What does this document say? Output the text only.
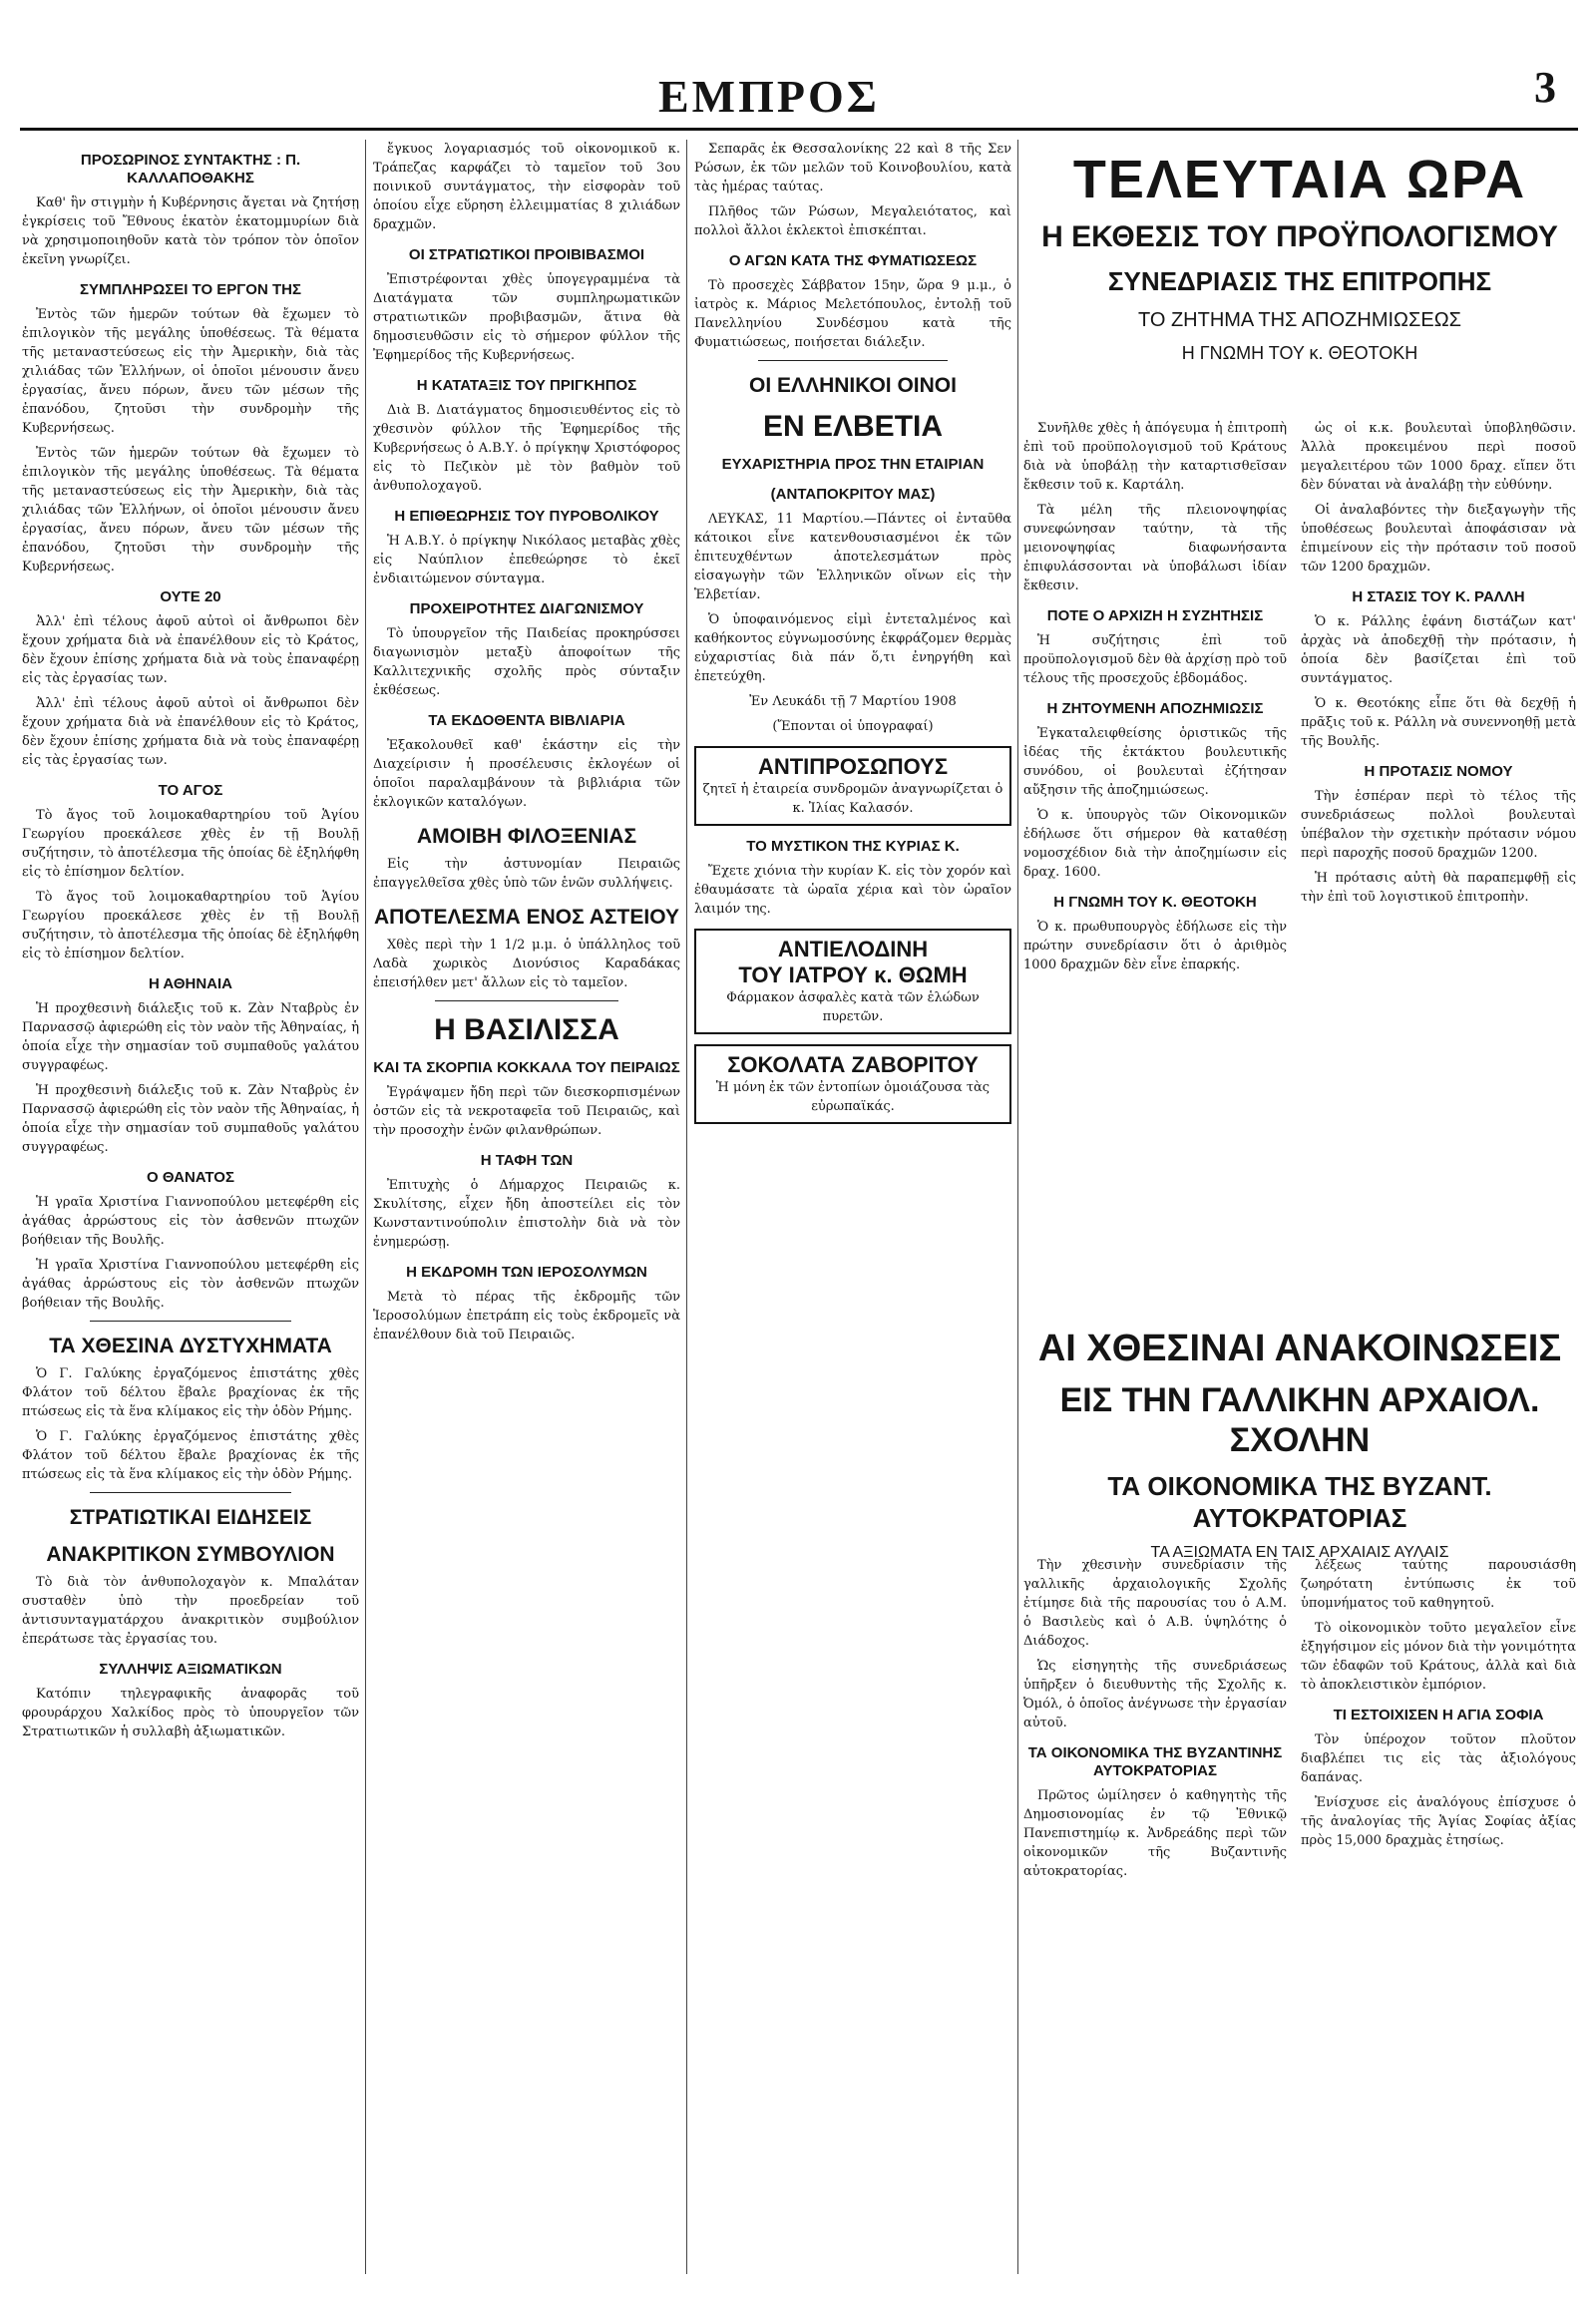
ΕΜΠΡΟΣ	3
ΠΡΟΣΩΡΙΝΟΣ ΣΥΝΤΑΚΤΗΣ : Π. ΚΑΛΛΑΠΟΘΑΚΗΣ

Καθ' ἣν στιγμὴν ἡ Κυβέρνησις ἄγεται νὰ ζητήσῃ ἐγκρίσεις τοῦ Ἔθνους ἑκατὸν ἑκατομμυρίων διὰ νὰ χρησιμοποιηθοῦν κατὰ τὸν τρόπον τὸν ὁποῖον ἐκεῖνη γνωρίζει.

ΣΥΜΠΛΗΡΩΣΕΙ ΤΟ ΕΡΓΟΝ ΤΗΣ

Ἐντὸς τῶν ἡμερῶν τούτων θὰ ἔχωμεν τὸ ἐπιλογικὸν τῆς μεγάλης ὑποθέσεως. Τὰ θέματα τῆς μεταναστεύσεως εἰς τὴν Ἀμερικὴν, διὰ τὰς χιλιάδας τῶν Ἑλλήνων, οἱ ὁποῖοι μένουσιν ἄνευ ἐργασίας, ἄνευ πόρων, ἄνευ τῶν μέσων τῆς ἐπανόδου, ζητοῦσι τὴν συνδρομὴν τῆς Κυβερνήσεως.

Ἐντὸς τῶν ἡμερῶν τούτων θὰ ἔχωμεν τὸ ἐπιλογικὸν τῆς μεγάλης ὑποθέσεως. Τὰ θέματα τῆς μεταναστεύσεως εἰς τὴν Ἀμερικὴν, διὰ τὰς χιλιάδας τῶν Ἑλλήνων, οἱ ὁποῖοι μένουσιν ἄνευ ἐργασίας, ἄνευ πόρων, ἄνευ τῶν μέσων τῆς ἐπανόδου, ζητοῦσι τὴν συνδρομὴν τῆς Κυβερνήσεως.

ΟΥΤΕ 20

Ἀλλ' ἐπὶ τέλους ἀφοῦ αὐτοὶ οἱ ἄνθρωποι δὲν ἔχουν χρήματα διὰ νὰ ἐπανέλθουν εἰς τὸ Κράτος, δὲν ἔχουν ἐπίσης χρήματα διὰ νὰ τοὺς ἐπαναφέρῃ εἰς τὰς ἐργασίας των.

Ἀλλ' ἐπὶ τέλους ἀφοῦ αὐτοὶ οἱ ἄνθρωποι δὲν ἔχουν χρήματα διὰ νὰ ἐπανέλθουν εἰς τὸ Κράτος, δὲν ἔχουν ἐπίσης χρήματα διὰ νὰ τοὺς ἐπαναφέρῃ εἰς τὰς ἐργασίας των.

ΤΟ ΑΓΟΣ

Τὸ ἄγος τοῦ λοιμοκαθαρτηρίου τοῦ Ἁγίου Γεωργίου προεκάλεσε χθὲς ἐν τῇ Βουλῇ συζήτησιν, τὸ ἀποτέλεσμα τῆς ὁποίας δὲ ἐξηλήφθη εἰς τὸ ἐπίσημον δελτίον.

Τὸ ἄγος τοῦ λοιμοκαθαρτηρίου τοῦ Ἁγίου Γεωργίου προεκάλεσε χθὲς ἐν τῇ Βουλῇ συζήτησιν, τὸ ἀποτέλεσμα τῆς ὁποίας δὲ ἐξηλήφθη εἰς τὸ ἐπίσημον δελτίον.

Η ΑΘΗΝΑΙΑ

Ἡ προχθεσινὴ διάλεξις τοῦ κ. Ζὰν Νταβρὺς ἐν Παρνασσῷ ἀφιερώθη εἰς τὸν ναὸν τῆς Ἀθηναίας, ἡ ὁποία εἶχε τὴν σημασίαν τοῦ συμπαθοῦς γαλάτου συγγραφέως.

Ἡ προχθεσινὴ διάλεξις τοῦ κ. Ζὰν Νταβρὺς ἐν Παρνασσῷ ἀφιερώθη εἰς τὸν ναὸν τῆς Ἀθηναίας, ἡ ὁποία εἶχε τὴν σημασίαν τοῦ συμπαθοῦς γαλάτου συγγραφέως.

Ο ΘΑΝΑΤΟΣ

Ἡ γραῖα Χριστίνα Γιαννοπούλου μετεφέρθη εἰς ἀγάθας ἀρρώστους εἰς τὸν ἀσθενῶν πτωχῶν βοήθειαν τῆς Βουλῆς.

Ἡ γραῖα Χριστίνα Γιαννοπούλου μετεφέρθη εἰς ἀγάθας ἀρρώστους εἰς τὸν ἀσθενῶν πτωχῶν βοήθειαν τῆς Βουλῆς.

ΤΑ ΧΘΕΣΙΝΑ ΔΥΣΤΥΧΗΜΑΤΑ

Ὁ Γ. Γαλύκης ἐργαζόμενος ἐπιστάτης χθὲς Φλάτον τοῦ δέλτου ἔβαλε βραχίονας ἐκ τῆς πτώσεως εἰς τὰ ἕνα κλίμακος εἰς τὴν ὁδὸν Ρήμης.

Ὁ Γ. Γαλύκης ἐργαζόμενος ἐπιστάτης χθὲς Φλάτον τοῦ δέλτου ἔβαλε βραχίονας ἐκ τῆς πτώσεως εἰς τὰ ἕνα κλίμακος εἰς τὴν ὁδὸν Ρήμης.

ΣΤΡΑΤΙΩΤΙΚΑΙ ΕΙΔΗΣΕΙΣ
ΑΝΑΚΡΙΤΙΚΟΝ ΣΥΜΒΟΥΛΙΟΝ

Τὸ διὰ τὸν ἀνθυπολοχαγὸν κ. Μπαλάταν συσταθὲν ὑπὸ τὴν προεδρείαν τοῦ ἀντισυνταγματάρχου ἀνακριτικὸν συμβούλιον ἐπεράτωσε τὰς ἐργασίας του.

ΣΥΛΛΗΨΙΣ ΑΞΙΩΜΑΤΙΚΩΝ

Κατόπιν τηλεγραφικῆς ἀναφορᾶς τοῦ φρουράρχου Χαλκίδος πρὸς τὸ ὑπουργεῖον τῶν Στρατιωτικῶν ἡ συλλαβὴ ἀξιωματικῶν.

ἔγκυος λογαριασμός τοῦ οἰκονομικοῦ κ. Τράπεζας καρφάζει τὸ ταμεῖον τοῦ 3ου ποινικοῦ συντάγματος, τὴν εἰσφορὰν τοῦ ὁποίου εἶχε εὕρηση ἐλλειμματίας 8 χιλιάδων δραχμῶν.

ΟΙ ΣΤΡΑΤΙΩΤΙΚΟΙ ΠΡΟΙΒΙΒΑΣΜΟΙ

Ἐπιστρέφονται χθὲς ὑπογεγραμμένα τὰ Διατάγματα τῶν συμπληρωματικῶν στρατιωτικῶν προβιβασμῶν, ἅτινα θὰ δημοσιευθῶσιν εἰς τὸ σήμερον φύλλον τῆς Ἐφημερίδος τῆς Κυβερνήσεως.

Η ΚΑΤΑΤΑΞΙΣ ΤΟΥ ΠΡΙΓΚΗΠΟΣ

Διὰ Β. Διατάγματος δημοσιευθέντος εἰς τὸ χθεσινὸν φύλλον τῆς Ἐφημερίδος τῆς Κυβερνήσεως ὁ Α.Β.Υ. ὁ πρίγκηψ Χριστόφορος εἰς τὸ Πεζικὸν μὲ τὸν βαθμὸν τοῦ ἀνθυπολοχαγοῦ.

Η ΕΠΙΘΕΩΡΗΣΙΣ ΤΟΥ ΠΥΡΟΒΟΛΙΚΟΥ

Ἡ Α.Β.Υ. ὁ πρίγκηψ Νικόλαος μεταβὰς χθὲς εἰς Ναύπλιον ἐπεθεώρησε τὸ ἐκεῖ ἐνδιαιτώμενον σύνταγμα.

ΠΡΟΧΕΙΡΟΤΗΤΕΣ ΔΙΑΓΩΝΙΣΜΟΥ

Τὸ ὑπουργεῖον τῆς Παιδείας προκηρύσσει διαγωνισμὸν μεταξὺ ἀποφοίτων τῆς Καλλιτεχνικῆς σχολῆς πρὸς σύνταξιν ἐκθέσεως.

ΤΑ ΕΚΔΟΘΕΝΤΑ ΒΙΒΛΙΑΡΙΑ

Ἐξακολουθεῖ καθ' ἑκάστην εἰς τὴν Διαχείρισιν ἡ προσέλευσις ἐκλογέων οἱ ὁποῖοι παραλαμβάνουν τὰ βιβλιάρια τῶν ἐκλογικῶν καταλόγων.

ΑΜΟΙΒΗ ΦΙΛΟΞΕΝΙΑΣ

Εἰς τὴν ἀστυνομίαν Πειραιῶς ἐπαγγελθεῖσα χθὲς ὑπὸ τῶν ἑνῶν συλλήψεις.

ΑΠΟΤΕΛΕΣΜΑ ΕΝΟΣ ΑΣΤΕΙΟΥ

Χθὲς περὶ τὴν 1 1/2 μ.μ. ὁ ὑπάλληλος τοῦ Λαδὰ χωρικὸς Διονύσιος Καραδάκας ἐπεισήλθεν μετ' ἄλλων εἰς τὸ ταμεῖον.

Η ΒΑΣΙΛΙΣΣΑ
ΚΑΙ ΤΑ ΣΚΟΡΠΙΑ ΚΟΚΚΑΛΑ ΤΟΥ ΠΕΙΡΑΙΩΣ

Ἐγράψαμεν ἤδη περὶ τῶν διεσκορπισμένων ὀστῶν εἰς τὰ νεκροταφεῖα τοῦ Πειραιῶς, καὶ τὴν προσοχὴν ἑνῶν φιλανθρώπων.

Η ΤΑΦΗ ΤΩΝ

Ἐπιτυχὴς ὁ Δήμαρχος Πειραιῶς κ. Σκυλίτσης, εἶχεν ἤδη ἀποστείλει εἰς τὸν Κωνσταντινούπολιν ἐπιστολὴν διὰ νὰ τὸν ἐνημερώσῃ.

Η ΕΚΔΡΟΜΗ ΤΩΝ ΙΕΡΟΣΟΛΥΜΩΝ

Μετὰ τὸ πέρας τῆς ἐκδρομῆς τῶν Ἱεροσολύμων ἐπετράπη εἰς τοὺς ἐκδρομεῖς νὰ ἐπανέλθουν διὰ τοῦ Πειραιῶς.

Σεπαρᾶς ἐκ Θεσσαλονίκης 22 καὶ 8 τῆς Σεν Ρώσων, ἐκ τῶν μελῶν τοῦ Κοινοβουλίου, κατὰ τὰς ἡμέρας ταύτας.

Πλῆθος τῶν Ρώσων, Μεγαλειότατος, καὶ πολλοὶ ἄλλοι ἐκλεκτοὶ ἐπισκέπται.

Ο ΑΓΩΝ ΚΑΤΑ ΤΗΣ ΦΥΜΑΤΙΩΣΕΩΣ

Τὸ προσεχὲς Σάββατον 15ην, ὥρα 9 μ.μ., ὁ ἰατρὸς κ. Μάριος Μελετόπουλος, ἐντολῇ τοῦ Πανελληνίου Συνδέσμου κατὰ τῆς Φυματιώσεως, ποιήσεται διάλεξιν.

ΟΙ ΕΛΛΗΝΙΚΟΙ ΟΙΝΟΙ
ΕΝ ΕΛΒΕΤΙΑ
ΕΥΧΑΡΙΣΤΗΡΙΑ ΠΡΟΣ ΤΗΝ ΕΤΑΙΡΙΑΝ
(ΑΝΤΑΠΟΚΡΙΤΟΥ ΜΑΣ)

ΛΕΥΚΑΣ, 11 Μαρτίου.—Πάντες οἱ ἐνταῦθα κάτοικοι εἶνε κατενθουσιασμένοι ἐκ τῶν ἐπιτευχθέντων ἀποτελεσμάτων πρὸς εἰσαγωγὴν τῶν Ἑλληνικῶν οἴνων εἰς τὴν Ἑλβετίαν.

Ὁ ὑποφαινόμενος εἰμὶ ἐντεταλμένος καὶ καθήκοντος εὐγνωμοσύνης ἐκφράζομεν θερμὰς εὐχαριστίας διὰ πάν ὅ,τι ἐνηργήθη καὶ ἐπετεύχθη.

Ἐν Λευκάδι τῇ 7 Μαρτίου 1908

(Ἔπονται οἱ ὑπογραφαί)

ΑΝΤΙΠΡΟΣΩΠΟΥΣ
ζητεῖ ἡ ἐταιρεία συνδρομῶν ἀναγνωρίζεται ὁ κ. Ἰλίας Καλασόν.
ΤΟ ΜΥΣΤΙΚΟΝ ΤΗΣ ΚΥΡΙΑΣ Κ.

Ἔχετε χιόνια τὴν κυρίαν Κ. εἰς τὸν χορόν καὶ ἐθαυμάσατε τὰ ὡραῖα χέρια καὶ τὸν ὡραῖον λαιμόν της.

ΑΝΤΙΕΛΟΔΙΝΗ
ΤΟΥ ΙΑΤΡΟΥ κ. ΘΩΜΗ
Φάρμακον ἀσφαλὲς κατὰ τῶν ἑλώδων πυρετῶν.
ΣΟΚΟΛΑΤΑ ΖΑΒΟΡΙΤΟΥ
Ἡ μόνη ἐκ τῶν ἐντοπίων ὁμοιάζουσα τὰς εὐρωπαϊκάς.
ΤΕΛΕΥΤΑΙΑ ΩΡΑ
Η ΕΚΘΕΣΙΣ ΤΟΥ ΠΡΟΫΠΟΛΟΓΙΣΜΟΥ
ΣΥΝΕΔΡΙΑΣΙΣ ΤΗΣ ΕΠΙΤΡΟΠΗΣ
ΤΟ ΖΗΤΗΜΑ ΤΗΣ ΑΠΟΖΗΜΙΩΣΕΩΣ
Η ΓΝΩΜΗ ΤΟΥ κ. ΘΕΟΤΟΚΗ

Συνῆλθε χθὲς ἡ ἀπόγευμα ἡ ἐπιτροπὴ ἐπὶ τοῦ προϋπολογισμοῦ τοῦ Κράτους διὰ νὰ ὑποβάλῃ τὴν καταρτισθεῖσαν ἔκθεσιν τοῦ κ. Καρτάλη.

Τὰ μέλη τῆς πλειονοψηφίας συνεφώνησαν ταύτην, τὰ τῆς μειονοψηφίας διαφωνήσαντα ἐπιφυλάσσονται νὰ ὑποβάλωσι ἰδίαν ἔκθεσιν.

ΠΟΤΕ Ο ΑΡΧΙΖΗ Η ΣΥΖΗΤΗΣΙΣ

Ἡ συζήτησις ἐπὶ τοῦ προϋπολογισμοῦ δὲν θὰ ἀρχίσῃ πρὸ τοῦ τέλους τῆς προσεχοῦς ἑβδομάδος.

Η ΖΗΤΟΥΜΕΝΗ ΑΠΟΖΗΜΙΩΣΙΣ

Ἐγκαταλειφθείσης ὁριστικῶς τῆς ἰδέας τῆς ἐκτάκτου βουλευτικῆς συνόδου, οἱ βουλευταὶ ἐζήτησαν αὔξησιν τῆς ἀποζημιώσεως.

Ὁ κ. ὑπουργὸς τῶν Οἰκονομικῶν ἐδήλωσε ὅτι σήμερον θὰ καταθέσῃ νομοσχέδιον διὰ τὴν ἀποζημίωσιν εἰς δραχ. 1600.

Η ΓΝΩΜΗ ΤΟΥ Κ. ΘΕΟΤΟΚΗ

Ὁ κ. πρωθυπουργὸς ἐδήλωσε εἰς τὴν πρώτην συνεδρίασιν ὅτι ὁ ἀριθμὸς 1000 δραχμῶν δὲν εἶνε ἐπαρκής.

ὡς οἱ κ.κ. βουλευταὶ ὑποβληθῶσιν. Ἀλλὰ προκειμένου περὶ ποσοῦ μεγαλειτέρου τῶν 1000 δραχ. εἴπεν ὅτι δὲν δύναται νὰ ἀναλάβῃ τὴν εὐθύνην.

Οἱ ἀναλαβόντες τὴν διεξαγωγὴν τῆς ὑποθέσεως βουλευταὶ ἀποφάσισαν νὰ ἐπιμείνουν εἰς τὴν πρότασιν τοῦ ποσοῦ τῶν 1200 δραχμῶν.

Η ΣΤΑΣΙΣ ΤΟΥ Κ. ΡΑΛΛΗ

Ὁ κ. Ράλλης ἐφάνη διστάζων κατ' ἀρχὰς νὰ ἀποδεχθῇ τὴν πρότασιν, ἡ ὁποία δὲν βασίζεται ἐπὶ τοῦ συντάγματος.

Ὁ κ. Θεοτόκης εἶπε ὅτι θὰ δεχθῇ ἡ πρᾶξις τοῦ κ. Ράλλη νὰ συνεννοηθῇ μετὰ τῆς Βουλῆς.

Η ΠΡΟΤΑΣΙΣ ΝΟΜΟΥ

Τὴν ἑσπέραν περὶ τὸ τέλος τῆς συνεδριάσεως πολλοὶ βουλευταὶ ὑπέβαλον τὴν σχετικὴν πρότασιν νόμου περὶ παροχῆς ποσοῦ δραχμῶν 1200.

Ἡ πρότασις αὐτὴ θὰ παραπεμφθῇ εἰς τὴν ἐπὶ τοῦ λογιστικοῦ ἐπιτροπὴν.

ΑΙ ΧΘΕΣΙΝΑΙ ΑΝΑΚΟΙΝΩΣΕΙΣ
ΕΙΣ ΤΗΝ ΓΑΛΛΙΚΗΝ ΑΡΧΑΙΟΛ. ΣΧΟΛΗΝ
ΤΑ ΟΙΚΟΝΟΜΙΚΑ ΤΗΣ ΒΥΖΑΝΤ. ΑΥΤΟΚΡΑΤΟΡΙΑΣ
ΤΑ ΑΞΙΩΜΑΤΑ ΕΝ ΤΑΙΣ ΑΡΧΑΙΑΙΣ ΑΥΛΑΙΣ

Τὴν χθεσινὴν συνεδρίασιν τῆς γαλλικῆς ἀρχαιολογικῆς Σχολῆς ἐτίμησε διὰ τῆς παρουσίας του ὁ Α.Μ. ὁ Βασιλεὺς καὶ ὁ Α.Β. ὑψηλότης ὁ Διάδοχος.

Ὡς εἰσηγητὴς τῆς συνεδριάσεως ὑπῆρξεν ὁ διευθυντὴς τῆς Σχολῆς κ. Ὀμόλ, ὁ ὁποῖος ἀνέγνωσε τὴν ἐργασίαν αὐτοῦ.

ΤΑ ΟΙΚΟΝΟΜΙΚΑ ΤΗΣ ΒΥΖΑΝΤΙΝΗΣ ΑΥΤΟΚΡΑΤΟΡΙΑΣ

Πρῶτος ὡμίλησεν ὁ καθηγητὴς τῆς Δημοσιονομίας ἐν τῷ Ἐθνικῷ Πανεπιστημίῳ κ. Ἀνδρεάδης περὶ τῶν οἰκονομικῶν τῆς Βυζαντινῆς αὐτοκρατορίας.

λέξεως ταύτης παρουσιάσθη ζωηρότατη ἐντύπωσις ἐκ τοῦ ὑπομνήματος τοῦ καθηγητοῦ.

Τὸ οἰκονομικὸν τοῦτο μεγαλεῖον εἶνε ἐξηγήσιμον εἰς μόνον διὰ τὴν γονιμότητα τῶν ἐδαφῶν τοῦ Κράτους, ἀλλὰ καὶ διὰ τὸ ἀποκλειστικὸν ἐμπόριον.

ΤΙ ΕΣΤΟΙΧΙΣΕΝ Η ΑΓΙΑ ΣΟΦΙΑ

Τὸν ὑπέροχον τοῦτον πλοῦτον διαβλέπει τις εἰς τὰς ἀξιολόγους δαπάνας.

Ἐνίσχυσε εἰς ἀναλόγους ἐπίσχυσε ὁ τῆς ἀναλογίας τῆς Ἁγίας Σοφίας ἀξίας πρὸς 15,000 δραχμὰς ἐτησίως.
